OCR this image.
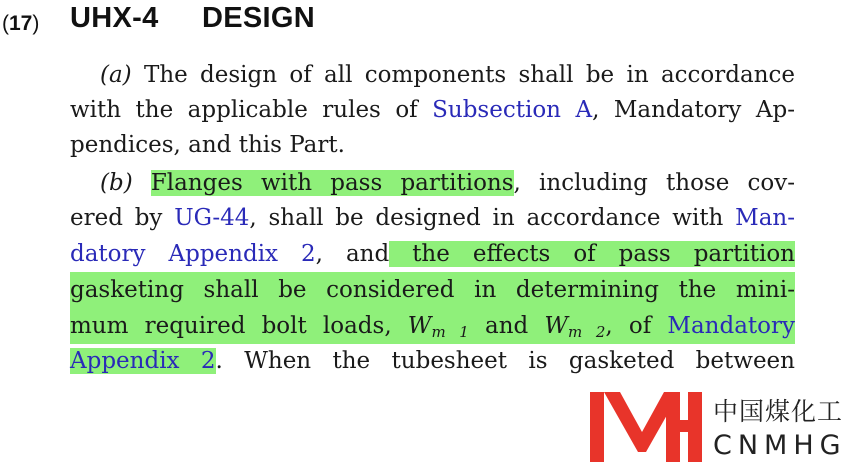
(17) UHX-4 DESIGN
(a) The design of all components shall be in accordance
with the applicable rules of Subsection A, Mandatory Ap-
pendices, and this Part.
(b) Flanges with pass partitions, including those cov-
ered by UG-44, shall be designed in accordance with Man-
datory Appendix 2, and the effects of pass partition
gasketing shall be considered in determining the mini-
mum required bolt loads, $W_{m 1}$ and $W_{m 2}$, of Mandatory
Appendix 2. When the tubesheet is gasketed between
中国煤化工
CNMHG
